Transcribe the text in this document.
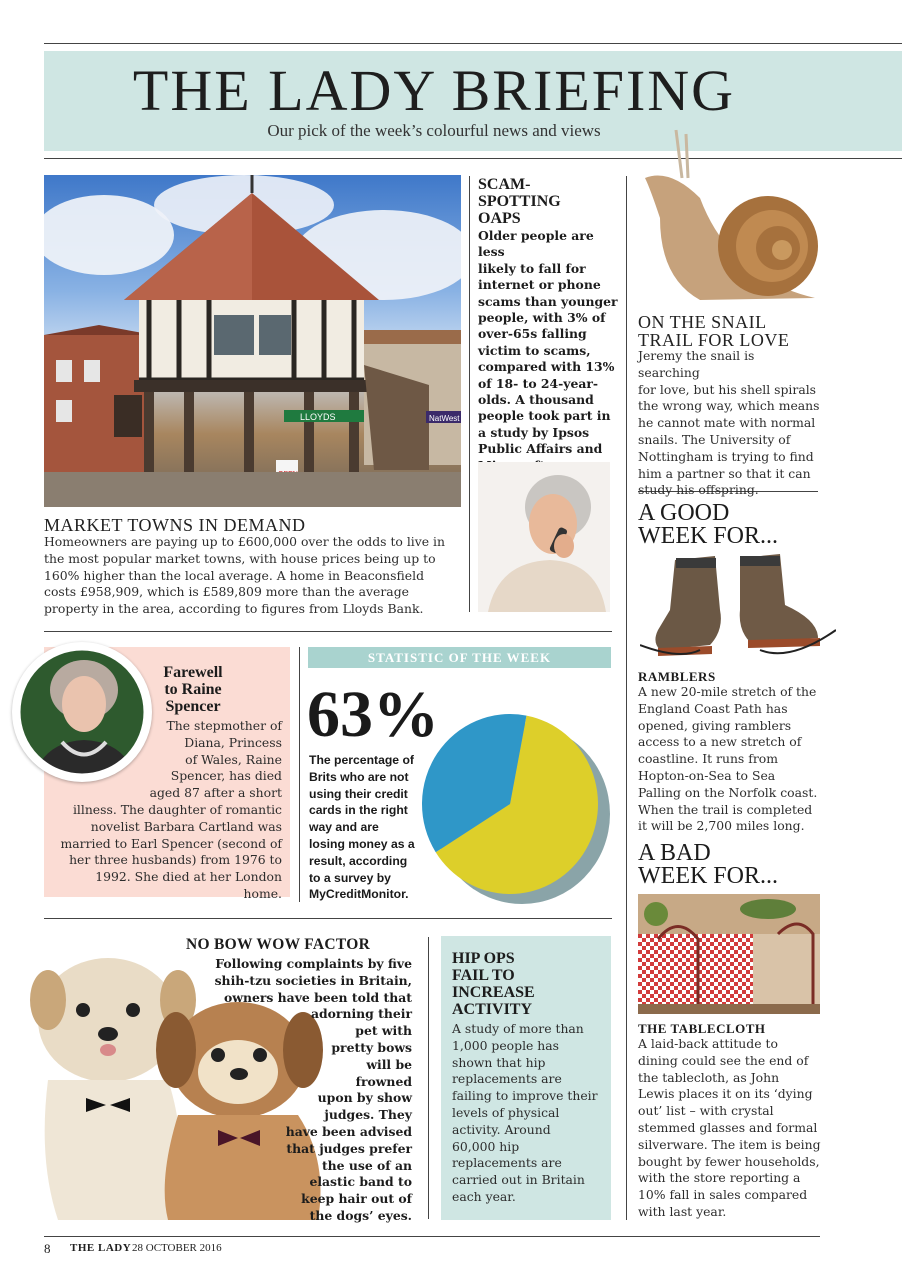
THE LADY BRIEFING
Our pick of the week’s colourful news and views
LLOYDS	NatWest
MARKET TOWNS IN DEMAND
Homeowners are paying up to £600,000 over the odds to live in the most popular market towns, with house prices being up to 160% higher than the local average. A home in Beaconsfield costs £958,909, which is £589,809 more than the average property in the area, according to figures from Lloyds Bank.
SCAM-
SPOTTING
OAPS
Older people are less
likely to fall for
internet or phone
scams than younger
people, with 3% of
over-65s falling
victim to scams,
compared with 13%
of 18- to 24-year-
olds. A thousand
people took part in
a study by Ipsos
Public Affairs and
ON THE SNAIL
TRAIL FOR LOVE
Jeremy the snail is searching
for love, but his shell spirals
the wrong way, which means
he cannot mate with normal
snails. The University of
Nottingham is trying to find
him a partner so that it can
study his offspring.
A GOOD
WEEK FOR...
RAMBLERS
A new 20-mile stretch of the
England Coast Path has
opened, giving ramblers
access to a new stretch of
coastline. It runs from
Hopton-on-Sea to Sea
Palling on the Norfolk coast.
When the trail is completed
it will be 2,700 miles long.
A BAD
WEEK FOR...
THE TABLECLOTH
A laid-back attitude to
dining could see the end of
the tablecloth, as John
Lewis places it on its ‘dying
out’ list – with crystal
stemmed glasses and formal
silverware. The item is being
bought by fewer households,
with the store reporting a
10% fall in sales compared
with last year.
Farewell
to Raine
Spencer
The stepmother of
Diana, Princess
of Wales, Raine
Spencer, has died
aged 87 after a short
illness. The daughter of romantic
novelist Barbara Cartland was
married to Earl Spencer (second of
her three husbands) from 1976 to
1992. She died at her London home.
STATISTIC OF THE WEEK
63%
The percentage of
Brits who are not
using their credit
cards in the right
way and are
losing money as a
result, according
to a survey by
MyCreditMonitor.
NO BOW WOW FACTOR
Following complaints by five
shih-tzu societies in Britain,
owners have been told that
adorning their
pet with
pretty bows
will be
frowned
upon by show
judges. They
have been advised
that judges prefer
the use of an
elastic band to
keep hair out of
the dogs’ eyes.
HIP OPS
FAIL TO
INCREASE
ACTIVITY
A study of more than
1,000 people has
shown that hip
replacements are
failing to improve their
levels of physical
activity. Around
60,000 hip
replacements are
carried out in Britain
each year.
8 THE LADY 28 OCTOBER 2016
